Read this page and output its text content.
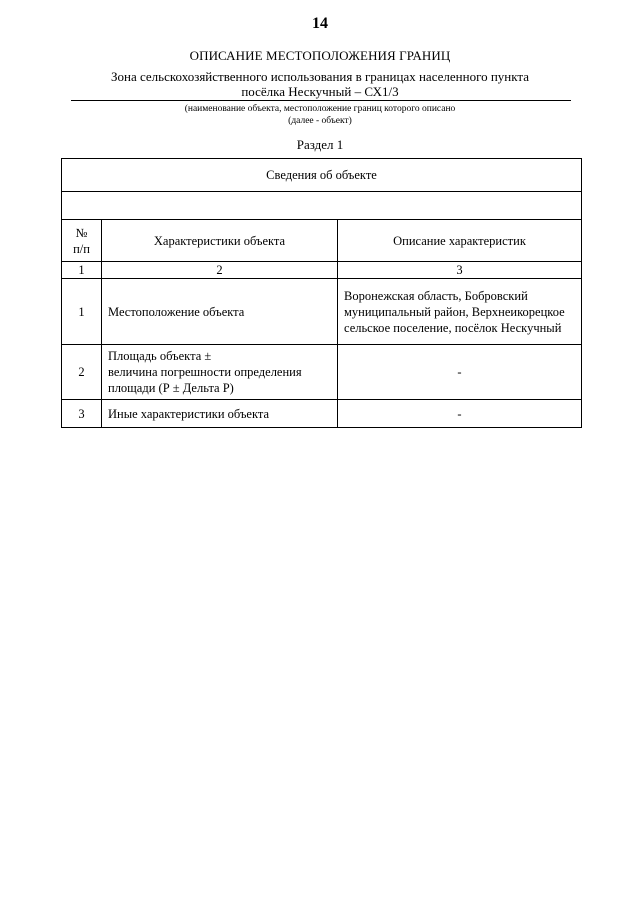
14
ОПИСАНИЕ МЕСТОПОЛОЖЕНИЯ ГРАНИЦ
Зона сельскохозяйственного использования в границах населенного пункта
посёлка Нескучный – СХ1/3
(наименование объекта, местоположение границ которого описано
(далее - объект)
Раздел 1
Сведения об объекте		

№
п/п	Характеристики объекта	Описание характеристик
1	2	3
1	Местоположение объекта	Воронежская область, Бобровский муниципальный район, Верхнеикорецкое сельское поселение, посёлок Нескучный
2	Площадь объекта ±
величина погрешности определения
площади (Р ± Дельта Р)	-
3	Иные характеристики объекта	-
